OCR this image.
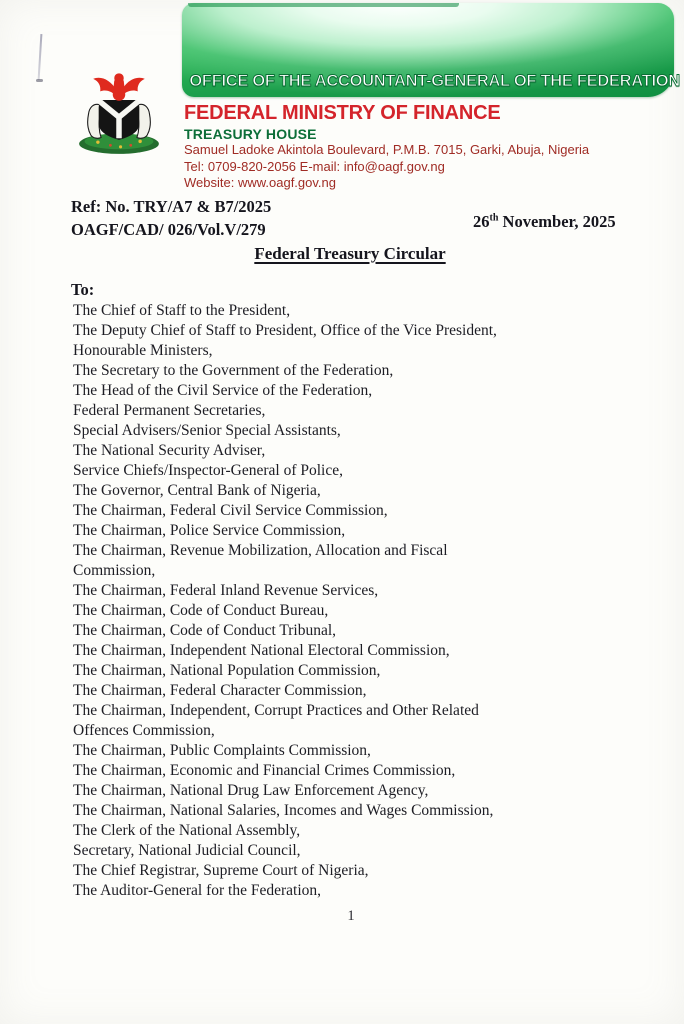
OFFICE OF THE ACCOUNTANT-GENERAL OF THE FEDERATION
FEDERAL MINISTRY OF FINANCE
TREASURY HOUSE
Samuel Ladoke Akintola Boulevard, P.M.B. 7015, Garki, Abuja, Nigeria
Tel: 0709-820-2056 E-mail: info@oagf.gov.ng
Website: www.oagf.gov.ng
Ref: No. TRY/A7 & B7/2025
OAGF/CAD/ 026/Vol.V/279	26th November, 2025
Federal Treasury Circular
To:
The Chief of Staff to the President,
The Deputy Chief of Staff to President, Office of the Vice President,
Honourable Ministers,
The Secretary to the Government of the Federation,
The Head of the Civil Service of the Federation,
Federal Permanent Secretaries,
Special Advisers/Senior Special Assistants,
The National Security Adviser,
Service Chiefs/Inspector-General of Police,
The Governor, Central Bank of Nigeria,
The Chairman, Federal Civil Service Commission,
The Chairman, Police Service Commission,
The Chairman, Revenue Mobilization, Allocation and Fiscal
Commission,
The Chairman, Federal Inland Revenue Services,
The Chairman, Code of Conduct Bureau,
The Chairman, Code of Conduct Tribunal,
The Chairman, Independent National Electoral Commission,
The Chairman, National Population Commission,
The Chairman, Federal Character Commission,
The Chairman, Independent, Corrupt Practices and Other Related
Offences Commission,
The Chairman, Public Complaints Commission,
The Chairman, Economic and Financial Crimes Commission,
The Chairman, National Drug Law Enforcement Agency,
The Chairman, National Salaries, Incomes and Wages Commission,
The Clerk of the National Assembly,
Secretary, National Judicial Council,
The Chief Registrar, Supreme Court of Nigeria,
The Auditor-General for the Federation,
1
